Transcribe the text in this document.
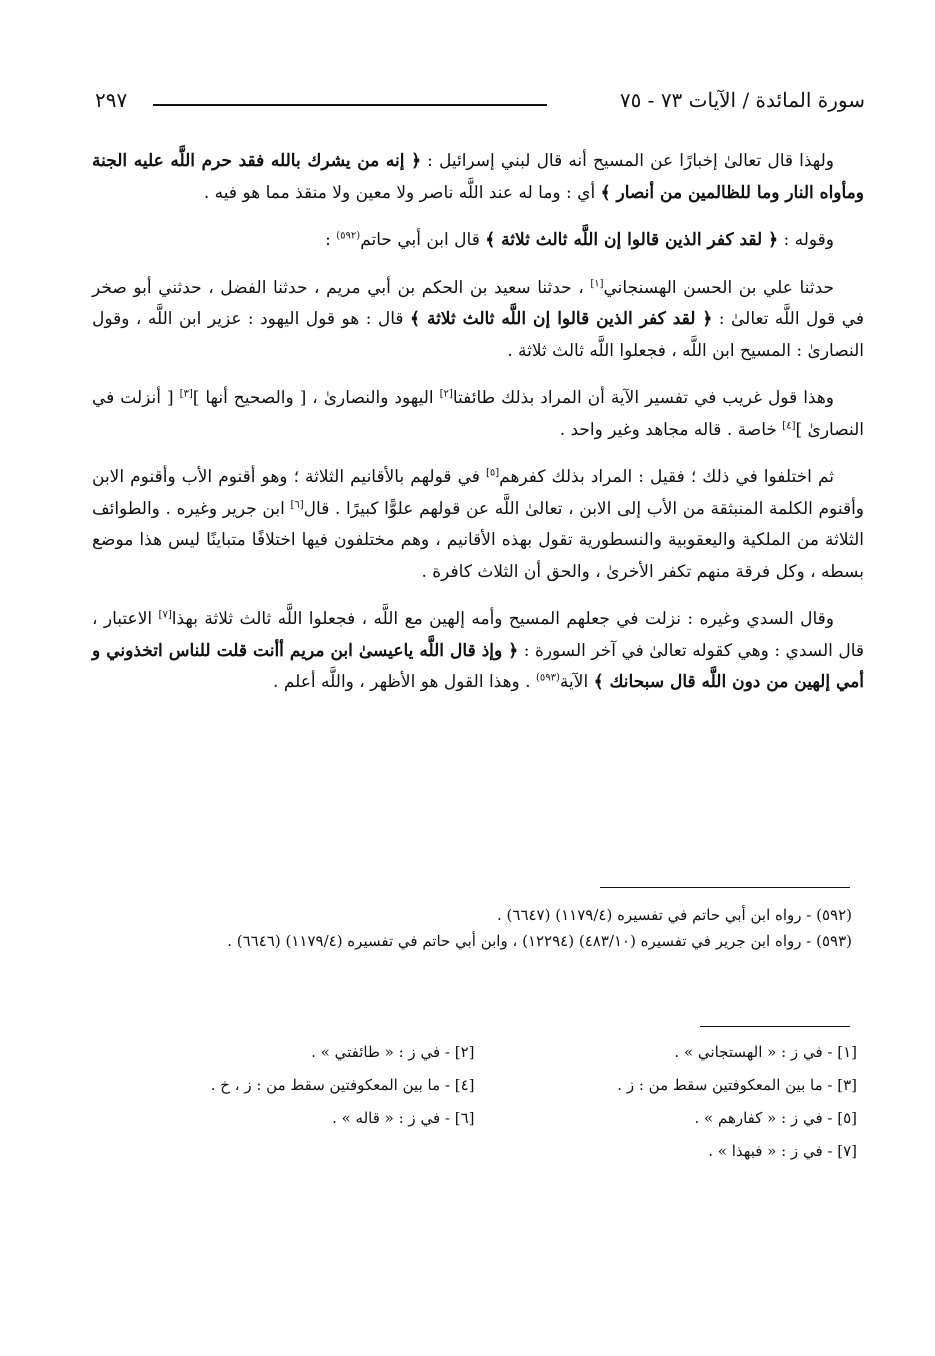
سورة المائدة / الآيات ٧٣ - ٧٥
٢٩٧

ولهذا قال تعالىٰ إخبارًا عن المسيح أنه قال لبني إسرائيل : ﴿ إنه من يشرك بالله فقد حرم اللَّه عليه الجنة ومأواه النار وما للظالمين من أنصار ﴾ أي : وما له عند اللَّه ناصر ولا معين ولا منقذ مما هو فيه .

وقوله : ﴿ لقد كفر الذين قالوا إن اللَّه ثالث ثلاثة ﴾ قال ابن أبي حاتم$^{(٥٩٢)}$ :

حدثنا علي بن الحسن الهسنجاني[١] ، حدثنا سعيد بن الحكم بن أبي مريم ، حدثنا الفضل ، حدثني أبو صخر في قول اللَّه تعالىٰ : ﴿ لقد كفر الذين قالوا إن اللَّه ثالث ثلاثة ﴾ قال : هو قول اليهود : عزير ابن اللَّه ، وقول النصارىٰ : المسيح ابن اللَّه ، فجعلوا اللَّه ثالث ثلاثة .

وهذا قول غريب في تفسير الآية أن المراد بذلك طائفتا[٢] اليهود والنصارىٰ ، [ والصحيح أنها ][٣] [ أنزلت في النصارىٰ ][٤] خاصة . قاله مجاهد وغير واحد .

ثم اختلفوا في ذلك ؛ فقيل : المراد بذلك كفرهم[٥] في قولهم بالأقانيم الثلاثة ؛ وهو أقنوم الأب وأقنوم الابن وأقنوم الكلمة المنبثقة من الأب إلى الابن ، تعالىٰ اللَّه عن قولهم علوًّا كبيرًا . قال[٦] ابن جرير وغيره . والطوائف الثلاثة من الملكية واليعقوبية والنسطورية تقول بهذه الأقانيم ، وهم مختلفون فيها اختلافًا متباينًا ليس هذا موضع بسطه ، وكل فرقة منهم تكفر الأخرىٰ ، والحق أن الثلاث كافرة .

وقال السدي وغيره : نزلت في جعلهم المسيح وأمه إلهين مع اللَّه ، فجعلوا اللَّه ثالث ثلاثة بهذا[٧] الاعتبار ، قال السدي : وهي كقوله تعالىٰ في آخر السورة : ﴿ وإذ قال اللَّه ياعيسىٰ ابن مريم أأنت قلت للناس اتخذوني و أمي إلهين من دون اللَّه قال سبحانك ﴾ الآية$^{(٥٩٣)}$ . وهذا القول هو الأظهر ، واللَّه أعلم .

(٥٩٢) - رواه ابن أبي حاتم في تفسيره (١١٧٩/٤) (٦٦٤٧) .

(٥٩٣) - رواه ابن جرير في تفسيره (٤٨٣/١٠) (١٢٢٩٤) ، وابن أبي حاتم في تفسيره (١١٧٩/٤) (٦٦٤٦) .

[١] - في ز : « الهستجاني » .
[٢] - في ز : « طائفتي » .
[٣] - ما بين المعكوفتين سقط من : ز .
[٤] - ما بين المعكوفتين سقط من : ز ، خ .
[٥] - في ز : « كفارهم » .
[٦] - في ز : « قاله » .
[٧] - في ز : « فبهذا » .
